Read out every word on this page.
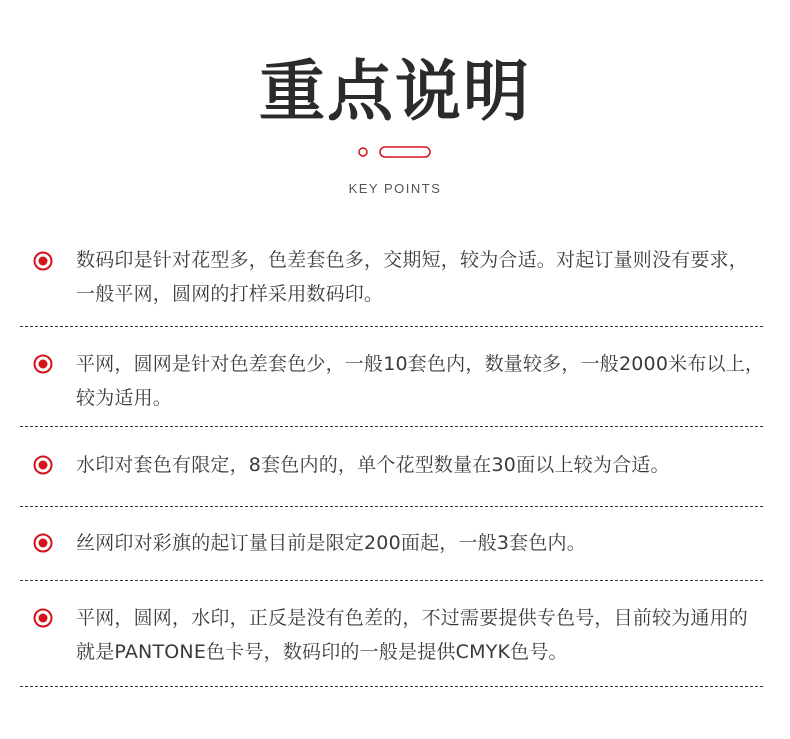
重点说明
KEY POINTS
数码印是针对花型多，色差套色多，交期短，较为合适。对起订量则没有要求，一般平网，圆网的打样采用数码印。
平网，圆网是针对色差套色少，一般10套色内，数量较多，一般2000米布以上，较为适用。
水印对套色有限定，8套色内的，单个花型数量在30面以上较为合适。
丝网印对彩旗的起订量目前是限定200面起，一般3套色内。
平网，圆网，水印，正反是没有色差的，不过需要提供专色号，目前较为通用的就是PANTONE色卡号，数码印的一般是提供CMYK色号。
